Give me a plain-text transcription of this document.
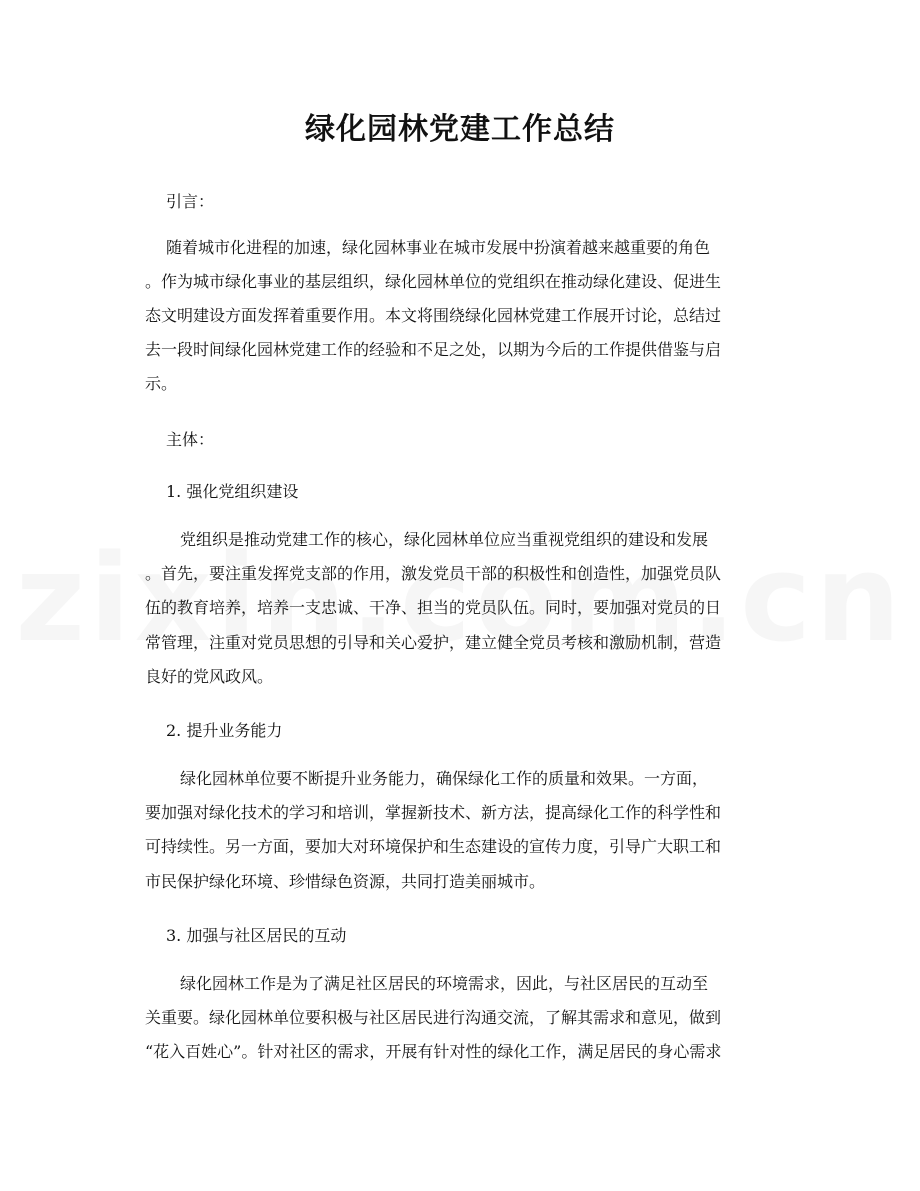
绿化园林党建工作总结

引言：

随着城市化进程的加速，绿化园林事业在城市发展中扮演着越来越重要的角色

。作为城市绿化事业的基层组织，绿化园林单位的党组织在推动绿化建设、促进生

态文明建设方面发挥着重要作用。本文将围绕绿化园林党建工作展开讨论，总结过

去一段时间绿化园林党建工作的经验和不足之处，以期为今后的工作提供借鉴与启

示。

主体：

1. 强化党组织建设

党组织是推动党建工作的核心，绿化园林单位应当重视党组织的建设和发展

。首先，要注重发挥党支部的作用，激发党员干部的积极性和创造性，加强党员队

伍的教育培养，培养一支忠诚、干净、担当的党员队伍。同时，要加强对党员的日

常管理，注重对党员思想的引导和关心爱护，建立健全党员考核和激励机制，营造

良好的党风政风。

2. 提升业务能力

绿化园林单位要不断提升业务能力，确保绿化工作的质量和效果。一方面，

要加强对绿化技术的学习和培训，掌握新技术、新方法，提高绿化工作的科学性和

可持续性。另一方面，要加大对环境保护和生态建设的宣传力度，引导广大职工和

市民保护绿化环境、珍惜绿色资源，共同打造美丽城市。

3. 加强与社区居民的互动

绿化园林工作是为了满足社区居民的环境需求，因此，与社区居民的互动至

关重要。绿化园林单位要积极与社区居民进行沟通交流，了解其需求和意见，做到

“花入百姓心”。针对社区的需求，开展有针对性的绿化工作，满足居民的身心需求
